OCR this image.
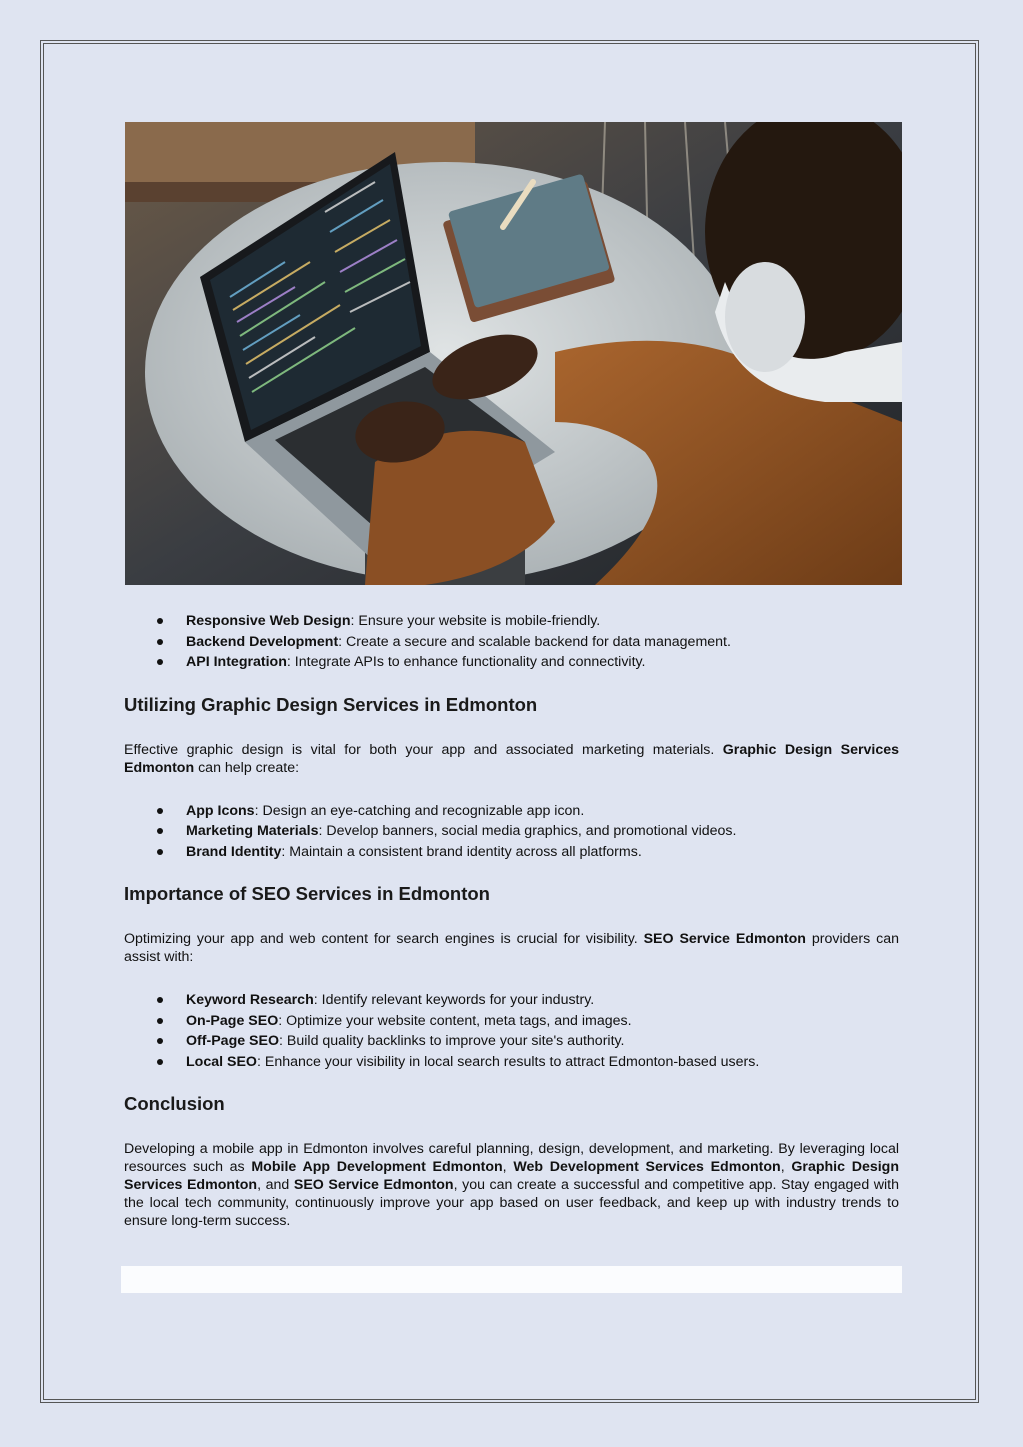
Responsive Web Design: Ensure your website is mobile-friendly.
Backend Development: Create a secure and scalable backend for data management.
API Integration: Integrate APIs to enhance functionality and connectivity.
Utilizing Graphic Design Services in Edmonton

Effective graphic design is vital for both your app and associated marketing materials. Graphic Design Services Edmonton can help create:

App Icons: Design an eye-catching and recognizable app icon.
Marketing Materials: Develop banners, social media graphics, and promotional videos.
Brand Identity: Maintain a consistent brand identity across all platforms.
Importance of SEO Services in Edmonton

Optimizing your app and web content for search engines is crucial for visibility. SEO Service Edmonton providers can assist with:

Keyword Research: Identify relevant keywords for your industry.
On-Page SEO: Optimize your website content, meta tags, and images.
Off-Page SEO: Build quality backlinks to improve your site's authority.
Local SEO: Enhance your visibility in local search results to attract Edmonton-based users.
Conclusion

Developing a mobile app in Edmonton involves careful planning, design, development, and marketing. By leveraging local resources such as Mobile App Development Edmonton, Web Development Services Edmonton, Graphic Design Services Edmonton, and SEO Service Edmonton, you can create a successful and competitive app. Stay engaged with the local tech community, continuously improve your app based on user feedback, and keep up with industry trends to ensure long-term success.
